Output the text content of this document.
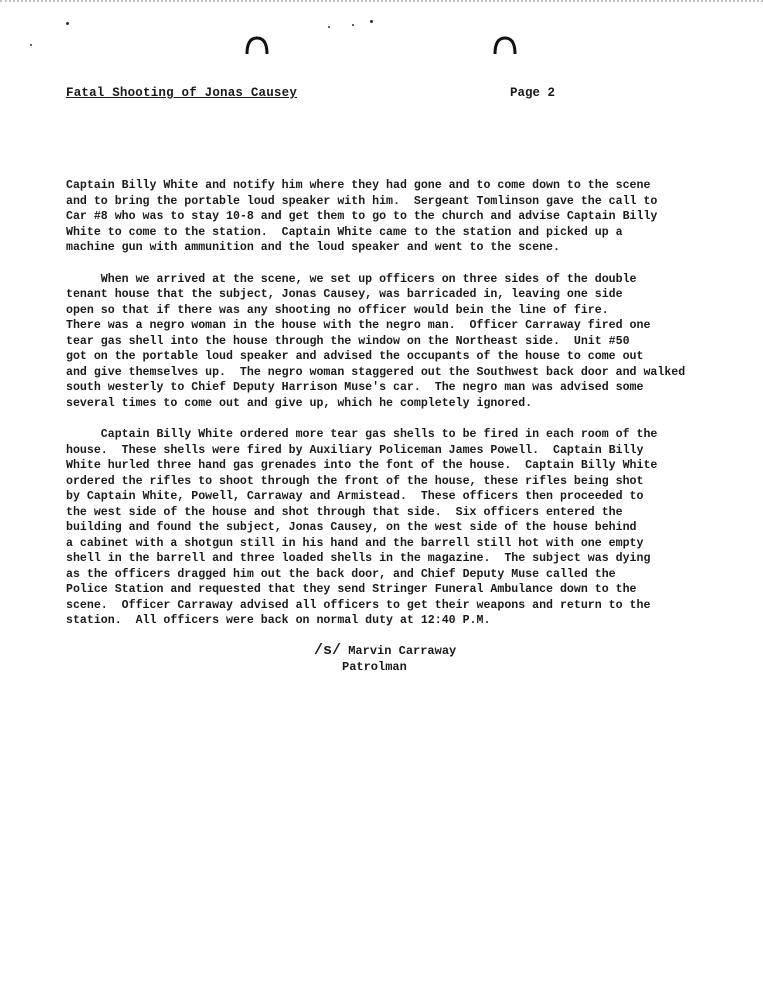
Fatal Shooting of Jonas Causey	Page 2

Captain Billy White and notify him where they had gone and to come down to the scene
and to bring the portable loud speaker with him.  Sergeant Tomlinson gave the call to
Car #8 who was to stay 10-8 and get them to go to the church and advise Captain Billy
White to come to the station.  Captain White came to the station and picked up a
machine gun with ammunition and the loud speaker and went to the scene.

When we arrived at the scene, we set up officers on three sides of the double
tenant house that the subject, Jonas Causey, was barricaded in, leaving one side
open so that if there was any shooting no officer would bein the line of fire.
There was a negro woman in the house with the negro man.  Officer Carraway fired one
tear gas shell into the house through the window on the Northeast side.  Unit #50
got on the portable loud speaker and advised the occupants of the house to come out
and give themselves up.  The negro woman staggered out the Southwest back door and walked
south westerly to Chief Deputy Harrison Muse's car.  The negro man was advised some
several times to come out and give up, which he completely ignored.

Captain Billy White ordered more tear gas shells to be fired in each room of the
house.  These shells were fired by Auxiliary Policeman James Powell.  Captain Billy
White hurled three hand gas grenades into the font of the house.  Captain Billy White
ordered the rifles to shoot through the front of the house, these rifles being shot
by Captain White, Powell, Carraway and Armistead.  These officers then proceeded to
the west side of the house and shot through that side.  Six officers entered the
building and found the subject, Jonas Causey, on the west side of the house behind
a cabinet with a shotgun still in his hand and the barrell still hot with one empty
shell in the barrell and three loaded shells in the magazine.  The subject was dying
as the officers dragged him out the back door, and Chief Deputy Muse called the
Police Station and requested that they send Stringer Funeral Ambulance down to the
scene.  Officer Carraway advised all officers to get their weapons and return to the
station.  All officers were back on normal duty at 12:40 P.M.

/s/ Marvin Carraway
Patrolman
